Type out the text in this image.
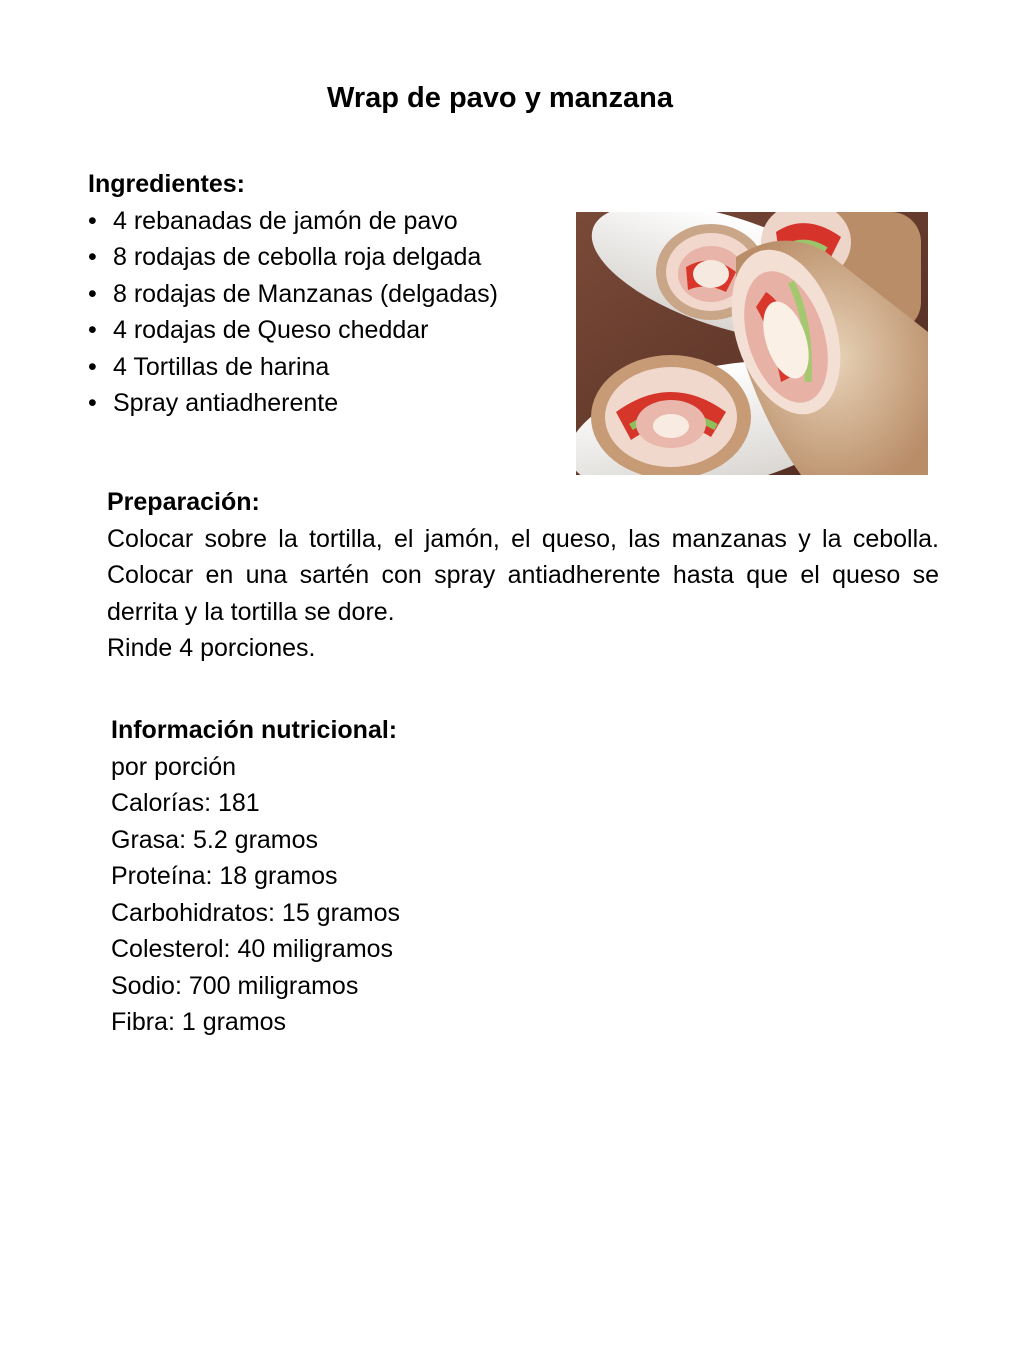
Wrap de pavo y manzana
Ingredientes:
• 4 rebanadas de jamón de pavo
• 8 rodajas de cebolla roja delgada
• 8 rodajas de Manzanas (delgadas)
• 4 rodajas de Queso cheddar
• 4 Tortillas de harina
• Spray antiadherente
Preparación:

Colocar sobre la tortilla, el jamón, el queso, las manzanas y la cebolla. Colocar en una sartén con spray antiadherente hasta que el queso se derrita y la tortilla se dore.

Rinde 4 porciones.
Información nutricional:
por porción
Calorías: 181
Grasa: 5.2 gramos
Proteína: 18 gramos
Carbohidratos: 15 gramos
Colesterol: 40 miligramos
Sodio: 700 miligramos
Fibra: 1 gramos
